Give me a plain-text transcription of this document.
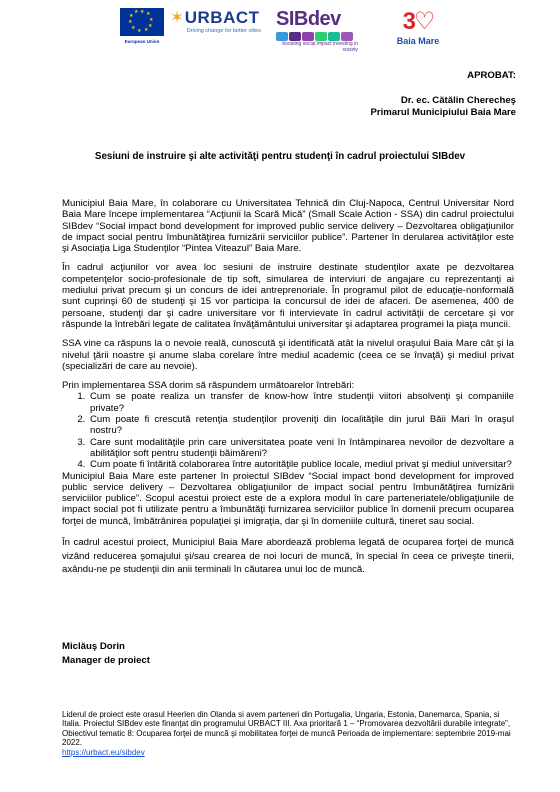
★ ★
★
★
★
★
★
★
★
★
European Union
✶URBACT
Driving change for better cities
SIBdev
boosting social impact investing in society
3♡
Baia Mare
APROBAT:
Dr. ec. Cătălin Cherecheş
Primarul Municipiului Baia Mare
Sesiuni de instruire şi alte activităţi pentru studenţi în cadrul proiectului SIBdev

Municipiul Baia Mare, în colaborare cu Universitatea Tehnică din Cluj-Napoca, Centrul Universitar Nord Baia Mare începe implementarea “Acţiunii la Scară Mică” (Small Scale Action - SSA) din cadrul proiectului SIBdev “Social impact bond development for improved public service delivery – Dezvoltarea obligaţiunilor de impact social pentru îmbunătăţirea furnizării serviciilor publice”. Partener în derularea activităţilor este şi Asociaţia Liga Studenţilor “Pintea Viteazul” Baia Mare.

În cadrul acţiunilor vor avea loc sesiuni de instruire destinate studenţilor axate pe dezvoltarea competenţelor socio-profesionale de tip soft, simularea de interviuri de angajare cu reprezentanţi ai mediului privat precum şi un concurs de idei antreprenoriale. În programul pilot de educaţie-nonformală sunt cuprinşi 60 de studenţi şi 15 vor participa la concursul de idei de afaceri. De asemenea, 400 de persoane, studenţi dar şi cadre universitare vor fi intervievate în cadrul activităţii de cercetare şi vor răspunde la întrebări legate de calitatea învăţământului universitar şi adaptarea programei la piaţa muncii.

SSA vine ca răspuns la o nevoie reală, cunoscută şi identificată atât la nivelul oraşului Baia Mare cât şi la nivelul ţării noastre şi anume slaba corelare între mediul academic (ceea ce se învaţă) şi mediul privat (specializări de care au nevoie).

Prin implementarea SSA dorim să răspundem următoarelor întrebări:

1. Cum se poate realiza un transfer de know-how între studenţii viitori absolvenţi şi companiile private?
2. Cum poate fi crescută retenţia studenţilor proveniţi din localităţile din jurul Băii Mari în oraşul nostru?
3. Care sunt modalităţile prin care universitatea poate veni în întâmpinarea nevoilor de dezvoltare a abilităţilor soft pentru studenţii băimăreni?
4. Cum poate fi întărită colaborarea între autorităţile publice locale, mediul privat şi mediul universitar?

Municipiul Baia Mare este partener în proiectul SIBdev “Social impact bond development for improved public service delivery – Dezvoltarea obligaţiunilor de impact social pentru îmbunătăţirea furnizării serviciilor publice”. Scopul acestui proiect este de a explora modul în care parteneriatele/obligaţiunile de impact social pot fi utilizate pentru a îmbunătăţi furnizarea serviciilor publice în domenii precum ocuparea forţei de muncă, îmbătrânirea populaţiei şi imigraţia, dar şi în domeniile cultură, tineret sau social.

În cadrul acestui proiect, Municipiul Baia Mare abordează problema legată de ocuparea forţei de muncă vizând reducerea şomajului şi/sau crearea de noi locuri de muncă, în special în ceea ce priveşte tinerii, axându-ne pe studenţii din anii terminali în căutarea unui loc de muncă.

Miclăuş Dorin
Manager de proiect
Liderul de proiect este orasul Heerlen din Olanda si avem parteneri din Portugalia, Ungaria, Estonia, Danemarca, Spania, si Italia. Proiectul SIBdev este finanţat din programului URBACT III. Axa prioritară 1 – “Promovarea dezvoltării durabile integrate”, Obiectivul tematic 8: Ocuparea forţei de muncă şi mobilitatea forţei de muncă Perioada de implementare: septembrie 2019-mai 2022.
https://urbact.eu/sibdev
